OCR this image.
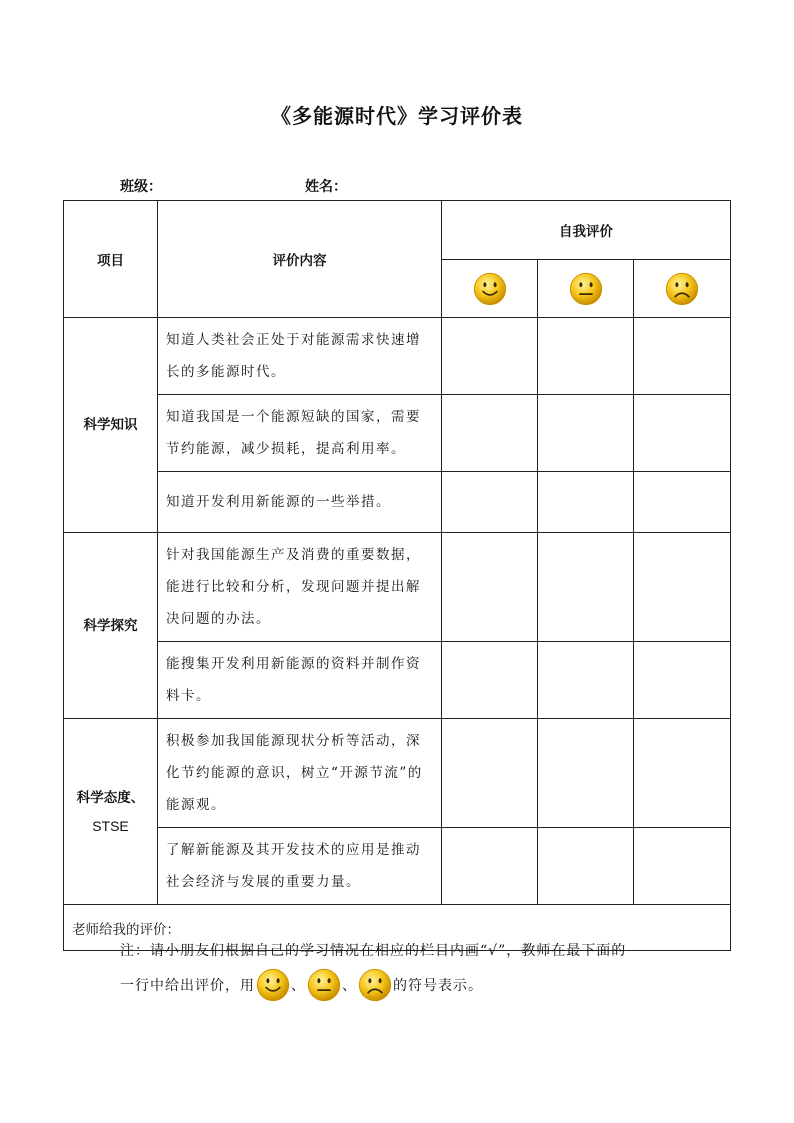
《多能源时代》学习评价表
班级：	姓名：
项目	评价内容	自我评价		

科学知识	知道人类社会正处于对能源需求快速增长的多能源时代。			
	知道我国是一个能源短缺的国家，需要节约能源，减少损耗，提高利用率。			
	知道开发利用新能源的一些举措。			
科学探究	针对我国能源生产及消费的重要数据，能进行比较和分析，发现问题并提出解决问题的办法。			
	能搜集开发利用新能源的资料并制作资料卡。			

科学态度、
STSE	积极参加我国能源现状分析等活动，深化节约能源的意识，树立“开源节流”的能源观。			
	了解新能源及其开发技术的应用是推动社会经济与发展的重要力量。			
老师给我的评价：				
注：请小朋友们根据自己的学习情况在相应的栏目内画“√”，教师在最下面的
一行中给出评价，用	、	、	的符号表示。
